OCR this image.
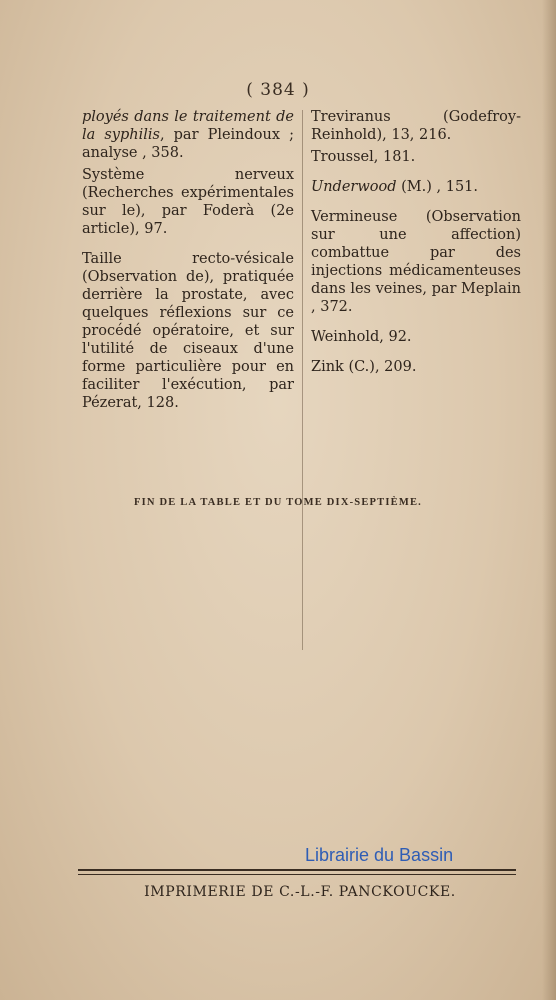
( 384 )

ployés dans le traitement de la syphilis, par Pleindoux ; analyse , 358.

Système nerveux (Recherches expérimentales sur le), par Foderà (2e article), 97.

Taille recto-vésicale (Observation de), pratiquée derrière la prostate, avec quelques réflexions sur ce procédé opératoire, et sur l'utilité de ciseaux d'une forme particulière pour en faciliter l'exécution, par Pézerat, 128.

Treviranus (Godefroy-Reinhold), 13, 216.

Troussel, 181.

Underwood (M.) , 151.

Vermineuse (Observation sur une affection) combattue par des injections médicamenteuses dans les veines, par Meplain , 372.

Weinhold, 92.

Zink (C.), 209.

FIN DE LA TABLE ET DU TOME DIX-SEPTIÈME.
Librairie du Bassin
IMPRIMERIE DE C.-L.-F. PANCKOUCKE.
